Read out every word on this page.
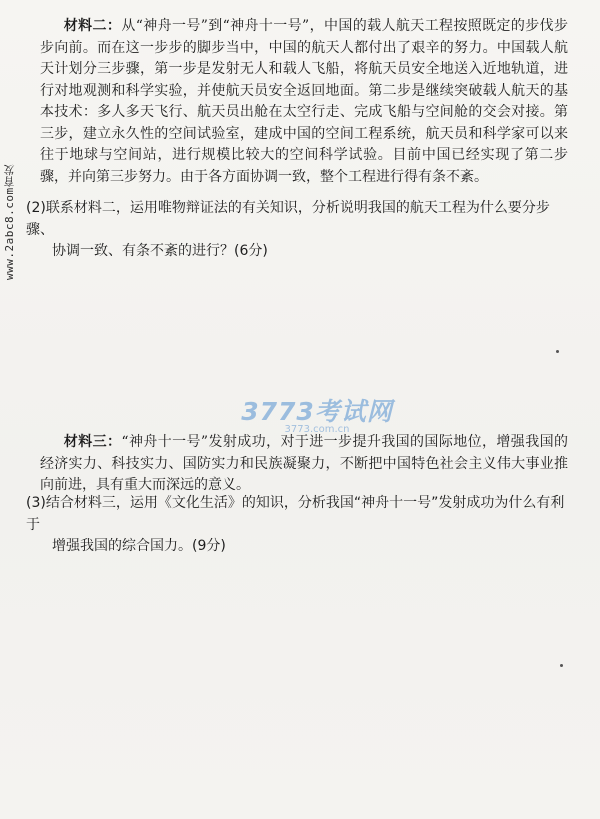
www.2abc8.com育发

材料二：从“神舟一号”到“神舟十一号”，中国的载人航天工程按照既定的步伐步步向前。而在这一步步的脚步当中，中国的航天人都付出了艰辛的努力。中国载人航天计划分三步骤，第一步是发射无人和载人飞船，将航天员安全地送入近地轨道，进行对地观测和科学实验，并使航天员安全返回地面。第二步是继续突破载人航天的基本技术：多人多天飞行、航天员出舱在太空行走、完成飞船与空间舱的交会对接。第三步，建立永久性的空间试验室，建成中国的空间工程系统，航天员和科学家可以来往于地球与空间站，进行规模比较大的空间科学试验。目前中国已经实现了第二步骤，并向第三步努力。由于各方面协调一致，整个工程进行得有条不紊。

(2)联系材料二，运用唯物辩证法的有关知识，分析说明我国的航天工程为什么要分步骤、
协调一致、有条不紊的进行？(6分)
3773考试网
3773.com.cn

材料三：“神舟十一号”发射成功，对于进一步提升我国的国际地位，增强我国的经济实力、科技实力、国防实力和民族凝聚力，不断把中国特色社会主义伟大事业推向前进，具有重大而深远的意义。

(3)结合材料三，运用《文化生活》的知识，分析我国“神舟十一号”发射成功为什么有利于
增强我国的综合国力。(9分)
